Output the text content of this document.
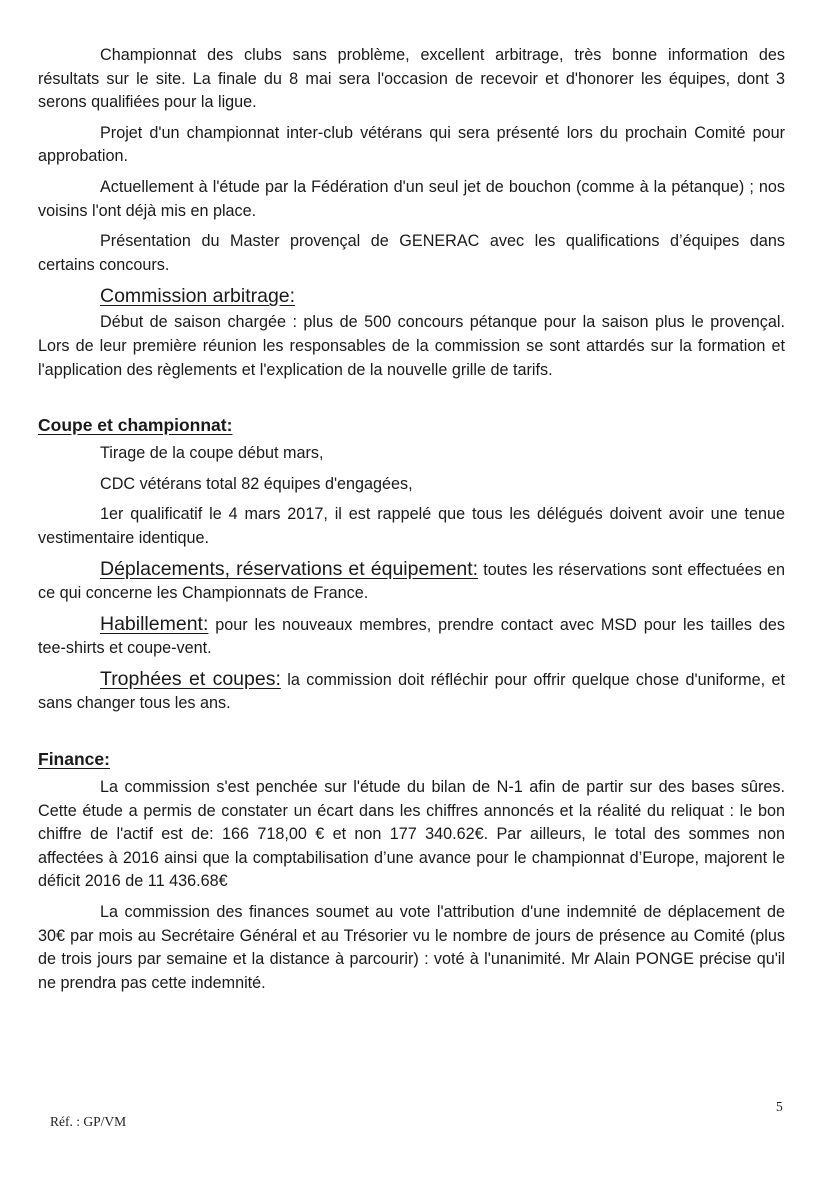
Championnat des clubs sans problème, excellent arbitrage, très bonne information des résultats sur le site. La finale du 8 mai sera l'occasion de recevoir et d'honorer les équipes, dont 3 serons qualifiées pour la ligue.

Projet d'un championnat inter-club vétérans qui sera présenté lors du prochain Comité pour approbation.

Actuellement à l'étude par la Fédération d'un seul jet de bouchon (comme à la pétanque) ; nos voisins l'ont déjà mis en place.

Présentation du Master provençal de GENERAC avec les qualifications d’équipes dans certains concours.

Commission arbitrage:

Début de saison chargée : plus de 500 concours pétanque pour la saison plus le provençal. Lors de leur première réunion les responsables de la commission se sont attardés sur la formation et l'application des règlements et l'explication de la nouvelle grille de tarifs.

Coupe et championnat:

Tirage de la coupe début mars,

CDC vétérans total 82 équipes d'engagées,

1er qualificatif le 4 mars 2017, il est rappelé que tous les délégués doivent avoir une tenue vestimentaire identique.

Déplacements, réservations et équipement: toutes les réservations sont effectuées en ce qui concerne les Championnats de France.

Habillement: pour les nouveaux membres, prendre contact avec MSD pour les tailles des tee-shirts et coupe-vent.

Trophées et coupes: la commission doit réfléchir pour offrir quelque chose d'uniforme, et sans changer tous les ans.

Finance:

La commission s'est penchée sur l'étude du bilan de N-1 afin de partir sur des bases sûres. Cette étude a permis de constater un écart dans les chiffres annoncés et la réalité du reliquat : le bon chiffre de l'actif est de: 166 718,00 € et non 177 340.62€. Par ailleurs, le total des sommes non affectées à 2016 ainsi que la comptabilisation d’une avance pour le championnat d’Europe, majorent le déficit 2016 de 11 436.68€

La commission des finances soumet au vote l'attribution d'une indemnité de déplacement de 30€ par mois au Secrétaire Général et au Trésorier vu le nombre de jours de présence au Comité (plus de trois jours par semaine et la distance à parcourir) : voté à l'unanimité. Mr Alain PONGE précise qu'il ne prendra pas cette indemnité.

5
Réf. : GP/VM
